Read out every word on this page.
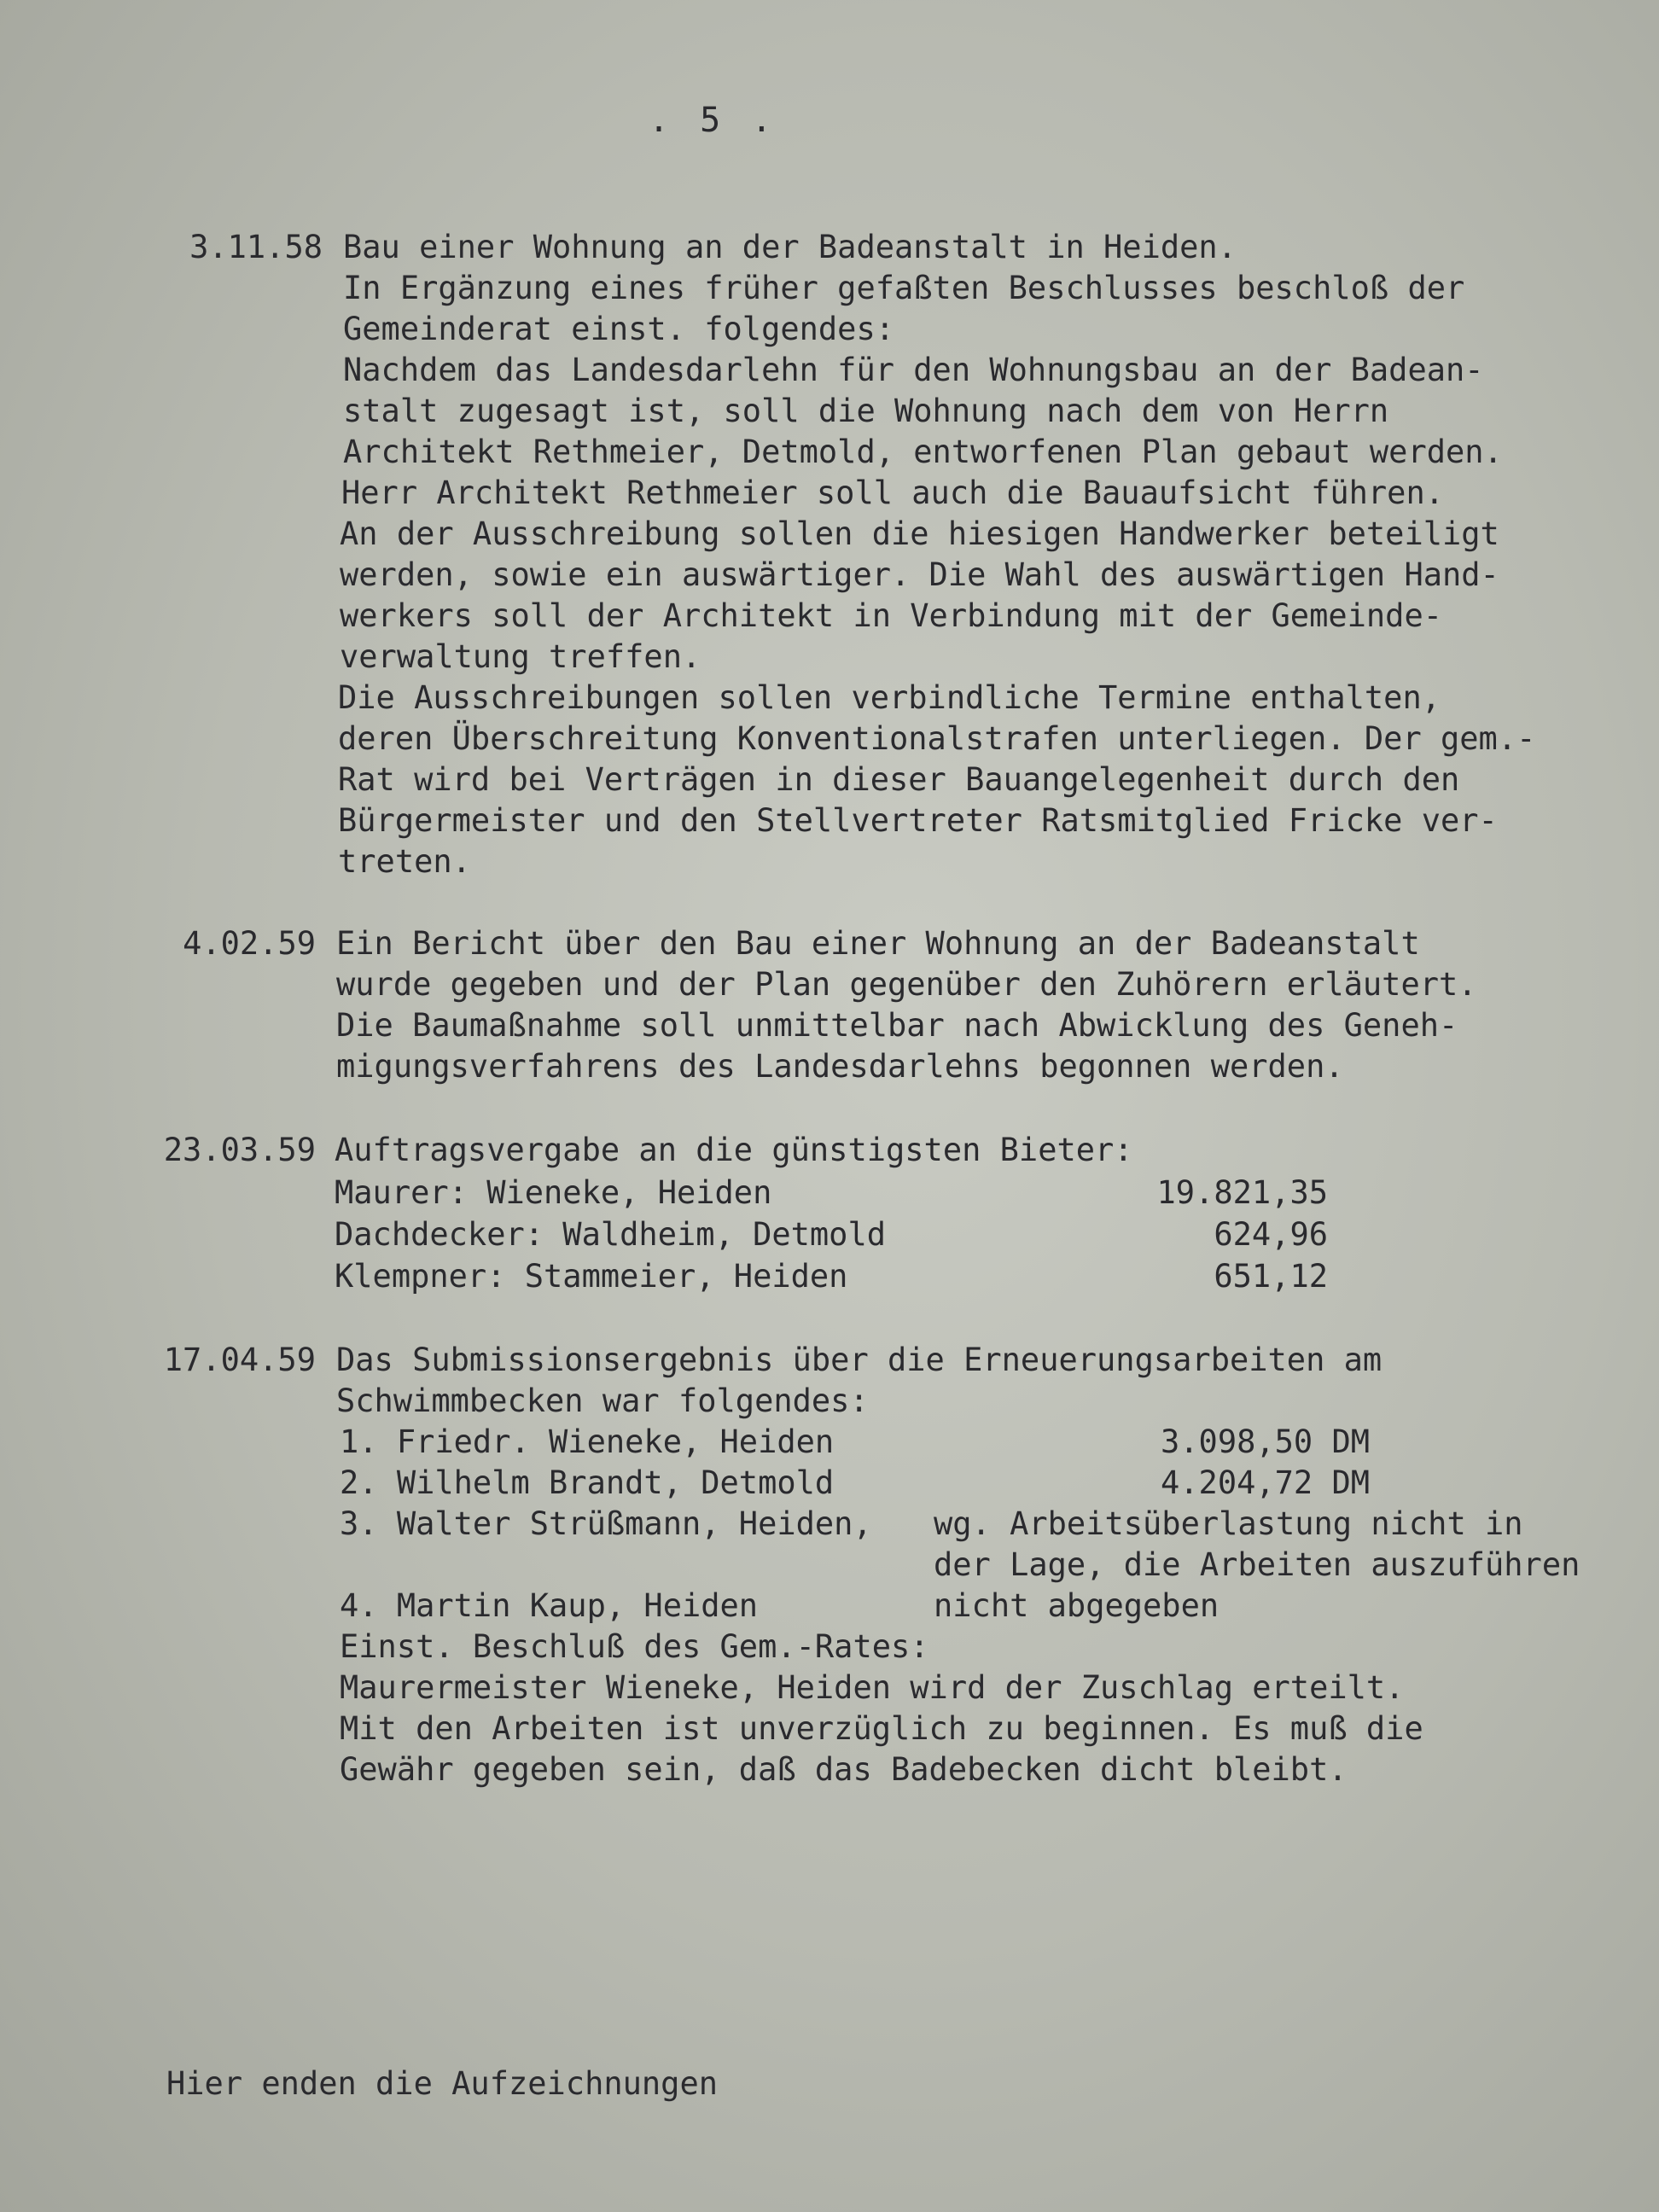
. 5 .
3.11.58 Bau einer Wohnung an der Badeanstalt in Heiden.
In Ergänzung eines früher gefaßten Beschlusses beschloß der
Gemeinderat einst. folgendes:
Nachdem das Landesdarlehn für den Wohnungsbau an der Badean-
stalt zugesagt ist, soll die Wohnung nach dem von Herrn
Architekt Rethmeier, Detmold, entworfenen Plan gebaut werden.
Herr Architekt Rethmeier soll auch die Bauaufsicht führen.
An der Ausschreibung sollen die hiesigen Handwerker beteiligt
werden, sowie ein auswärtiger. Die Wahl des auswärtigen Hand-
werkers soll der Architekt in Verbindung mit der Gemeinde-
verwaltung treffen.
Die Ausschreibungen sollen verbindliche Termine enthalten,
deren Überschreitung Konventionalstrafen unterliegen. Der gem.-
Rat wird bei Verträgen in dieser Bauangelegenheit durch den
Bürgermeister und den Stellvertreter Ratsmitglied Fricke ver-
treten.
4.02.59 Ein Bericht über den Bau einer Wohnung an der Badeanstalt
wurde gegeben und der Plan gegenüber den Zuhörern erläutert.
Die Baumaßnahme soll unmittelbar nach Abwicklung des Geneh-
migungsverfahrens des Landesdarlehns begonnen werden.
23.03.59 Auftragsvergabe an die günstigsten Bieter:
Maurer: Wieneke, Heiden	19.821,35
Dachdecker: Waldheim, Detmold	624,96
Klempner: Stammeier, Heiden	651,12
17.04.59 Das Submissionsergebnis über die Erneuerungsarbeiten am
Schwimmbecken war folgendes:
1. Friedr. Wieneke, Heiden	3.098,50 DM
2. Wilhelm Brandt, Detmold	4.204,72 DM
3. Walter Strüßmann, Heiden, wg. Arbeitsüberlastung nicht in
der Lage, die Arbeiten auszuführen
4. Martin Kaup, Heiden	nicht abgegeben
Einst. Beschluß des Gem.-Rates:
Maurermeister Wieneke, Heiden wird der Zuschlag erteilt.
Mit den Arbeiten ist unverzüglich zu beginnen. Es muß die
Gewähr gegeben sein, daß das Badebecken dicht bleibt.
Hier enden die Aufzeichnungen
